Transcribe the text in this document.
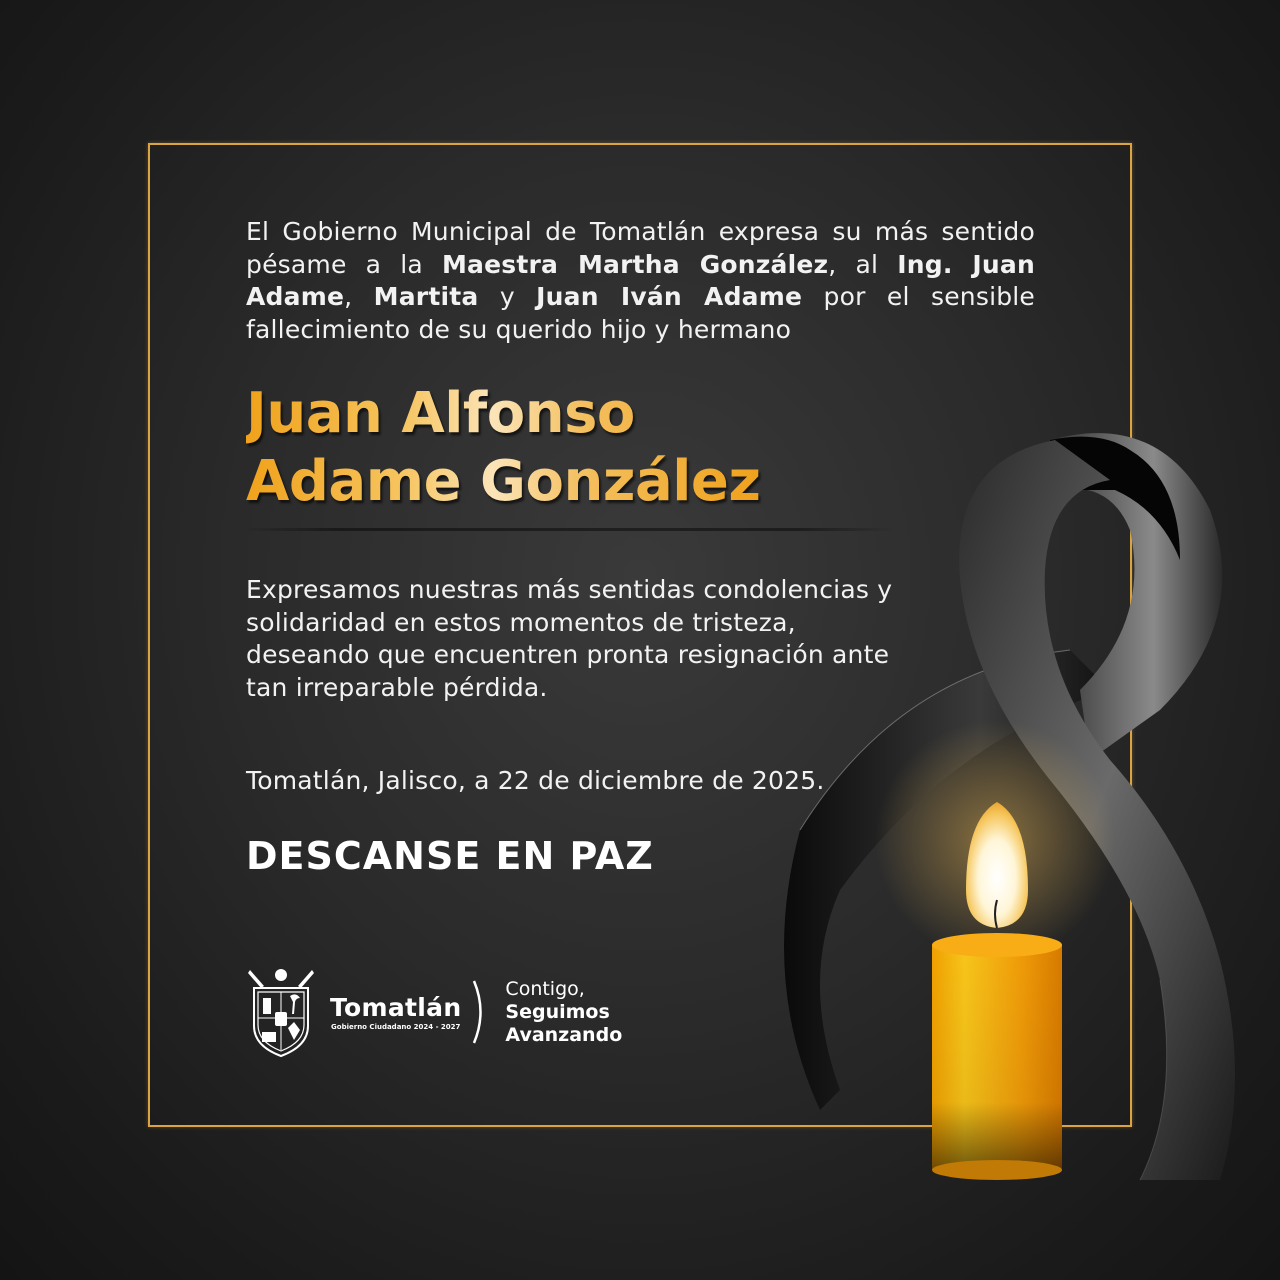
El Gobierno Municipal de Tomatlán expresa su más sentido pésame a la Maestra Martha González, al Ing. Juan Adame, Martita y Juan Iván Adame por el sensible fallecimiento de su querido hijo y hermano
Juan Alfonso
Adame González
Expresamos nuestras más sentidas condolencias y solidaridad en estos momentos de tristeza, deseando que encuentren pronta resignación ante tan irreparable pérdida.
Tomatlán, Jalisco, a 22 de diciembre de 2025.
DESCANSE EN PAZ
Tomatlán
Gobierno Ciudadano 2024 - 2027
Contigo,
Seguimos
Avanzando
